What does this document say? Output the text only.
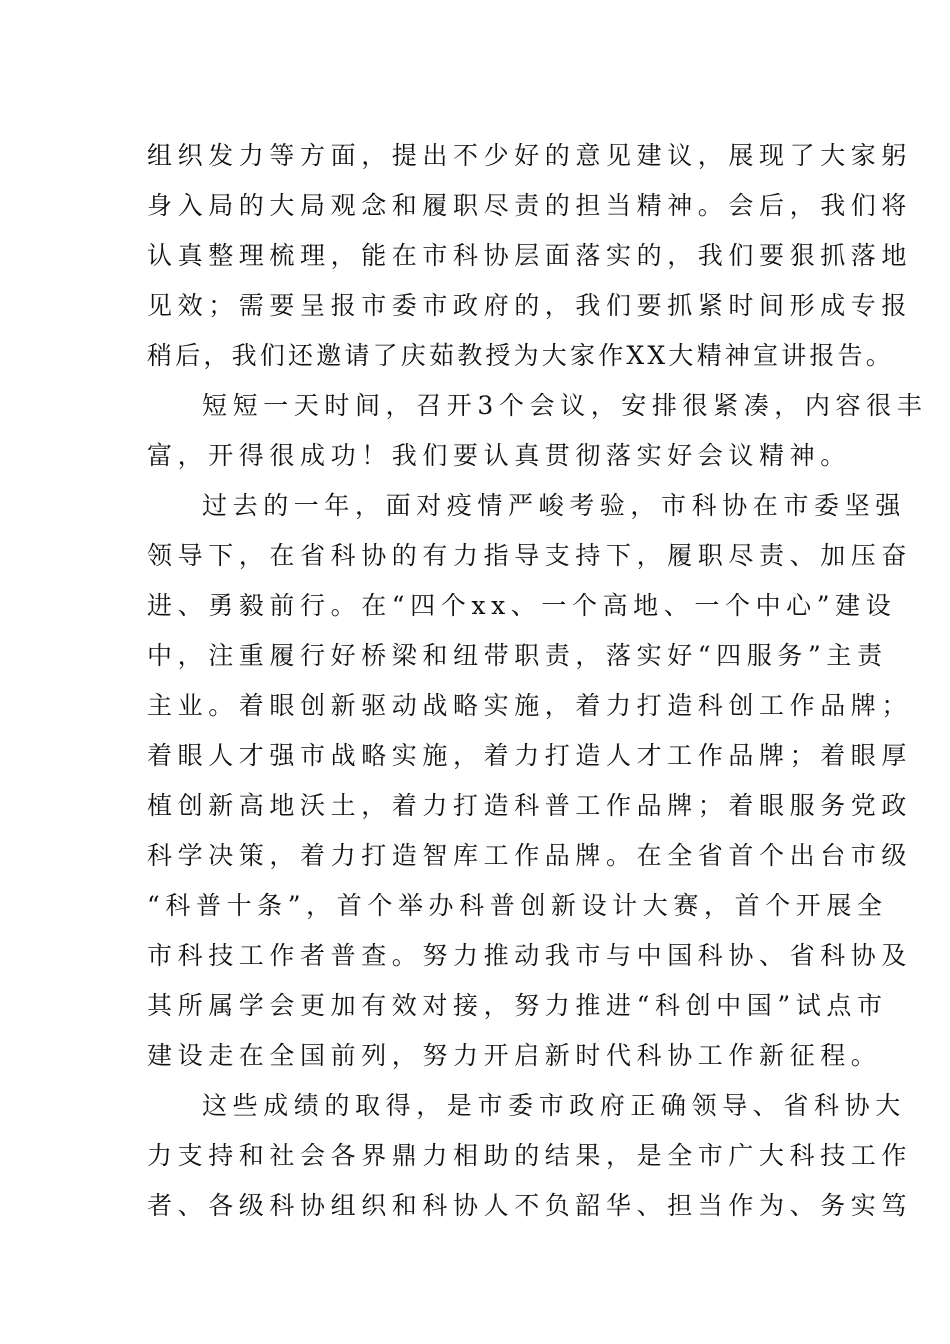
组织发力等方面，提出不少好的意见建议，展现了大家躬
身入局的大局观念和履职尽责的担当精神。会后，我们将
认真整理梳理，能在市科协层面落实的，我们要狠抓落地
见效；需要呈报市委市政府的，我们要抓紧时间形成专报
稍后，我们还邀请了庆茹教授为大家作XX大精神宣讲报告。
短短一天时间，召开3个会议，安排很紧凑，内容很丰
富，开得很成功！我们要认真贯彻落实好会议精神。
过去的一年，面对疫情严峻考验，市科协在市委坚强
领导下，在省科协的有力指导支持下，履职尽责、加压奋
进、勇毅前行。在“四个xx、一个高地、一个中心”建设
中，注重履行好桥梁和纽带职责，落实好“四服务”主责
主业。着眼创新驱动战略实施，着力打造科创工作品牌；
着眼人才强市战略实施，着力打造人才工作品牌；着眼厚
植创新高地沃土，着力打造科普工作品牌；着眼服务党政
科学决策，着力打造智库工作品牌。在全省首个出台市级
“科普十条”，首个举办科普创新设计大赛，首个开展全
市科技工作者普查。努力推动我市与中国科协、省科协及
其所属学会更加有效对接，努力推进“科创中国”试点市
建设走在全国前列，努力开启新时代科协工作新征程。
这些成绩的取得，是市委市政府正确领导、省科协大
力支持和社会各界鼎力相助的结果，是全市广大科技工作
者、各级科协组织和科协人不负韶华、担当作为、务实笃
